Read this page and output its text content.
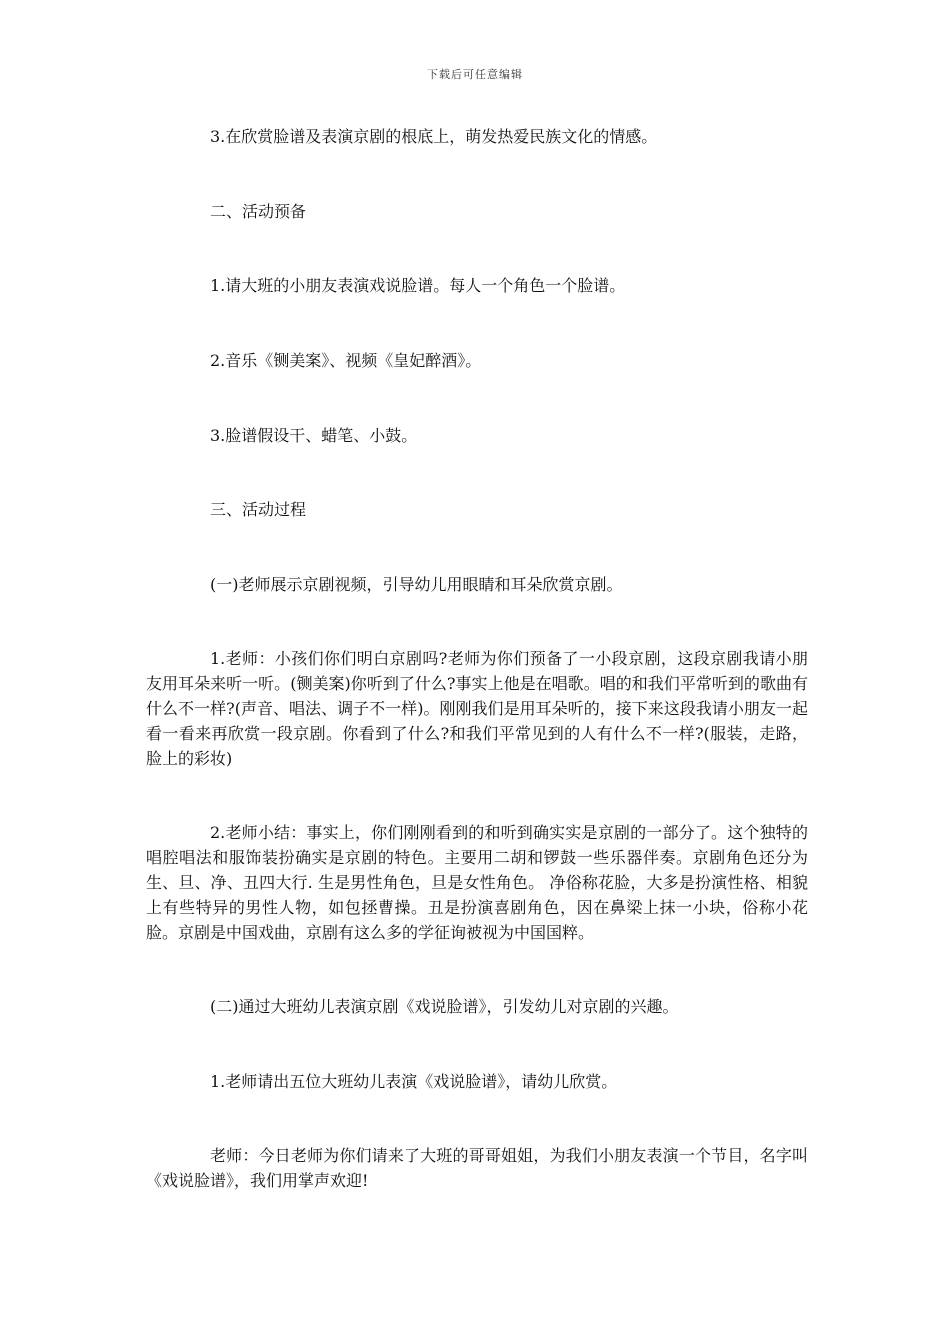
下载后可任意编辑

3.在欣赏脸谱及表演京剧的根底上，萌发热爱民族文化的情感。

二、活动预备

1.请大班的小朋友表演戏说脸谱。每人一个角色一个脸谱。

2.音乐《铡美案》、视频《皇妃醉酒》。

3.脸谱假设干、蜡笔、小鼓。

三、活动过程

(一)老师展示京剧视频，引导幼儿用眼睛和耳朵欣赏京剧。

1.老师：小孩们你们明白京剧吗?老师为你们预备了一小段京剧，这段京剧我请小朋友用耳朵来听一听。(铡美案)你听到了什么?事实上他是在唱歌。唱的和我们平常听到的歌曲有什么不一样?(声音、唱法、调子不一样)。刚刚我们是用耳朵听的，接下来这段我请小朋友一起看一看来再欣赏一段京剧。你看到了什么?和我们平常见到的人有什么不一样?(服装，走路，脸上的彩妆)

2.老师小结：事实上，你们刚刚看到的和听到确实实是京剧的一部分了。这个独特的唱腔唱法和服饰装扮确实是京剧的特色。主要用二胡和锣鼓一些乐器伴奏。京剧角色还分为生、旦、净、丑四大行. 生是男性角色，旦是女性角色。 净俗称花脸，大多是扮演性格、相貌上有些特异的男性人物，如包拯曹操。丑是扮演喜剧角色，因在鼻梁上抹一小块，俗称小花脸。京剧是中国戏曲，京剧有这么多的学征询被视为中国国粹。

(二)通过大班幼儿表演京剧《戏说脸谱》，引发幼儿对京剧的兴趣。

1.老师请出五位大班幼儿表演《戏说脸谱》，请幼儿欣赏。

老师：今日老师为你们请来了大班的哥哥姐姐，为我们小朋友表演一个节目，名字叫《戏说脸谱》，我们用掌声欢迎!
